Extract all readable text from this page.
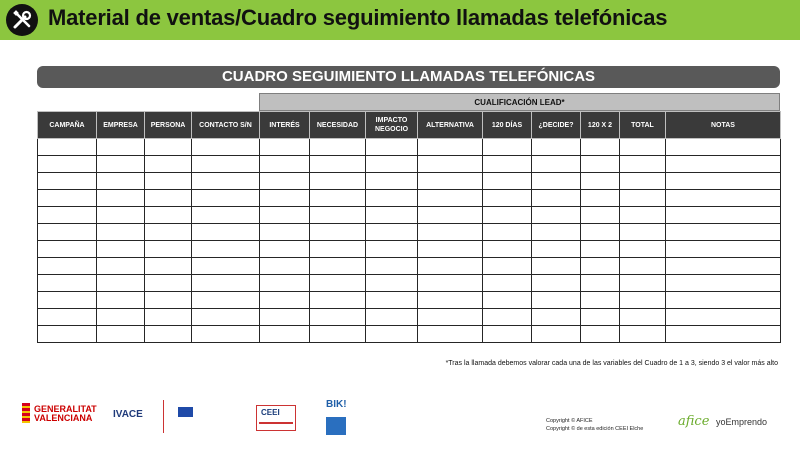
Material de ventas/Cuadro seguimiento llamadas telefónicas
CUADRO SEGUIMIENTO LLAMADAS TELEFÓNICAS
CUALIFICACIÓN LEAD*
CAMPAÑA	EMPRESA	PERSONA	CONTACTO S/N	INTERÉS	NECESIDAD	IMPACTO NEGOCIO	ALTERNATIVA	120 DÍAS	¿DECIDE?	120 X 2	TOTAL	NOTAS

*Tras la llamada debemos valorar cada una de las variables del Cuadro de 1 a 3, siendo 3 el valor más alto
GENERALITAT VALENCIANA IVACE	CEEI
BIK!
Copyright © AFICE
Copyright © de esta edición CEEI Elche	afice yoEmprendo
